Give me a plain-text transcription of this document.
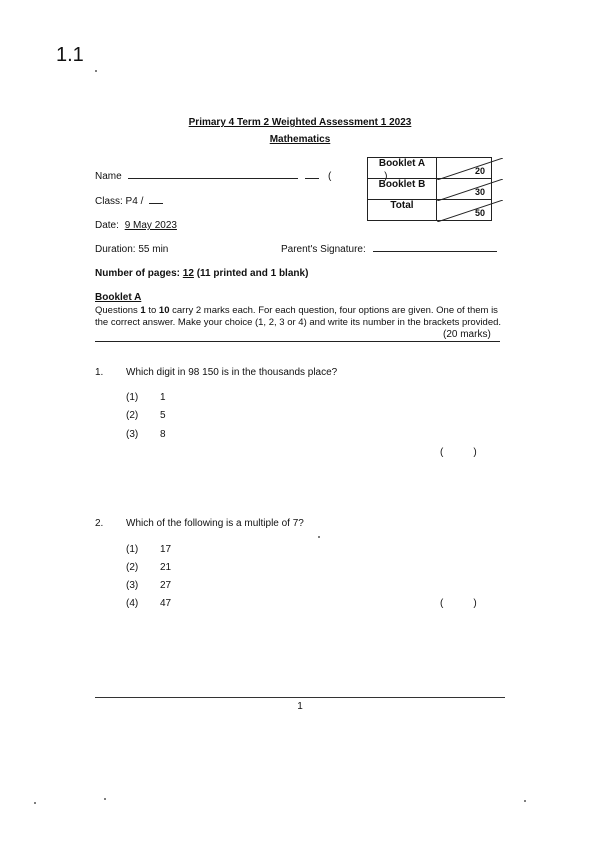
1.1
Primary 4 Term 2 Weighted Assessment 1 2023
Mathematics
Name	(	)
Class: P4 /
Date: 9 May 2023
Duration: 55 min	Parent's Signature:
Booklet A	20

Booklet B	30

Total	50
Number of pages: 12 (11 printed and 1 blank)
Booklet A
Questions 1 to 10 carry 2 marks each. For each question, four options are given. One of them is the correct answer. Make your choice (1, 2, 3 or 4) and write its number in the brackets provided.
(20 marks)
1. Which digit in 98 150 is in the thousands place?
(1) 1
(2) 5
(3) 8
(	)
2. Which of the following is a multiple of 7?
(1) 17
(2) 21
(3) 27
(4) 47	(	)
1
